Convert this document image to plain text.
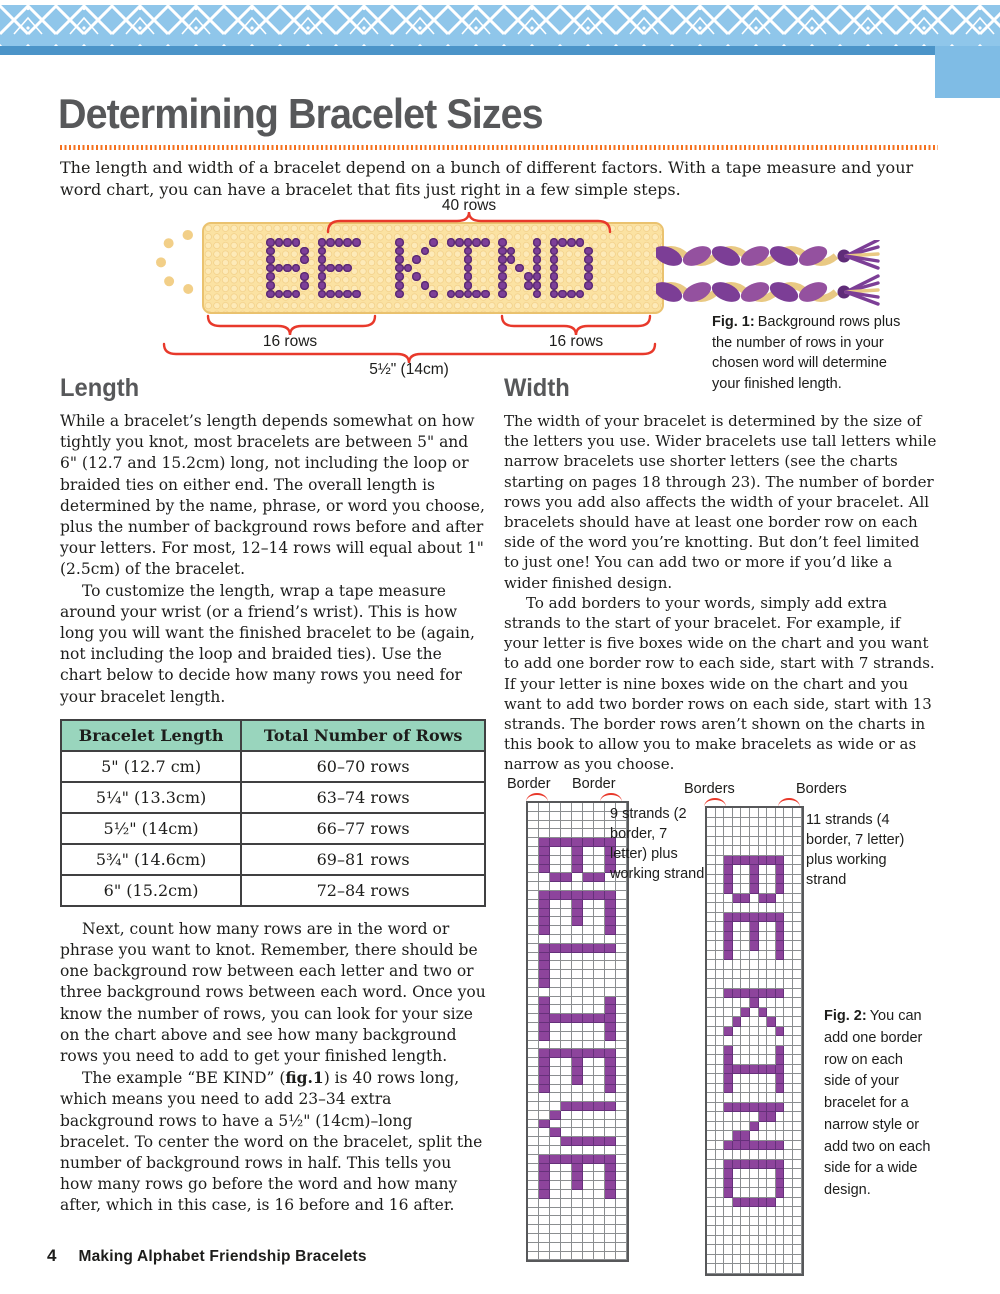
Determining Bracelet Sizes
The length and width of a bracelet depend on a bunch of different factors. With a tape measure and your word chart, you can have a bracelet that fits just right in a few simple steps.
40 rows
16 rows	16 rows
5½" (14cm)
Fig. 1: Background rows plus the number of rows in your chosen word will determine your finished length.
Length

While a bracelet’s length depends somewhat on how tightly you knot, most bracelets are between 5" and 6" (12.7 and 15.2cm) long, not including the loop or braided ties on either end. The overall length is determined by the name, phrase, or word you choose, plus the number of background rows before and after your letters. For most, 12–14 rows will equal about 1" (2.5cm) of the bracelet.

To customize the length, wrap a tape measure around your wrist (or a friend’s wrist). This is how long you will want the finished bracelet to be (again, not including the loop and braided ties). Use the chart below to decide how many rows you need for your bracelet length.

Bracelet Length	Total Number of Rows
5" (12.7 cm)	60–70 rows
5¼" (13.3cm)	63–74 rows
5½" (14cm)	66–77 rows
5¾" (14.6cm)	69–81 rows
6" (15.2cm)	72–84 rows

Next, count how many rows are in the word or phrase you want to knot. Remember, there should be one background row between each letter and two or three background rows between each word. Once you know the number of rows, you can look for your size on the chart above and see how many background rows you need to add to get your finished length.

The example “BE KIND” (fig.1) is 40 rows long, which means you need to add 23–34 extra background rows to have a 5½" (14cm)–long bracelet. To center the word on the bracelet, split the number of background rows in half. This tells you how many rows go before the word and how many after, which in this case, is 16 before and 16 after.

Width

The width of your bracelet is determined by the size of the letters you use. Wider bracelets use tall letters while narrow bracelets use shorter letters (see the charts starting on pages 18 through 23). The number of border rows you add also affects the width of your bracelet. All bracelets should have at least one border row on each side of the word you’re knotting. But don’t feel limited to just one! You can add two or more if you’d like a wider finished design.

To add borders to your words, simply add extra strands to the start of your bracelet. For example, if your letter is five boxes wide on the chart and you want to add one border row to each side, start with 7 strands. If your letter is nine boxes wide on the chart and you want to add two border rows on each side, start with 13 strands. The border rows aren’t shown on the charts in this book to allow you to make bracelets as wide or as narrow as you choose.

Border Border	Borders	Borders
9 strands (2 border, 7 letter) plus working strand
11 strands (4 border, 7 letter) plus working strand
Fig. 2: You can add one border row on each side of your bracelet for a narrow style or add two on each side for a wide design.
4 Making Alphabet Friendship Bracelets
